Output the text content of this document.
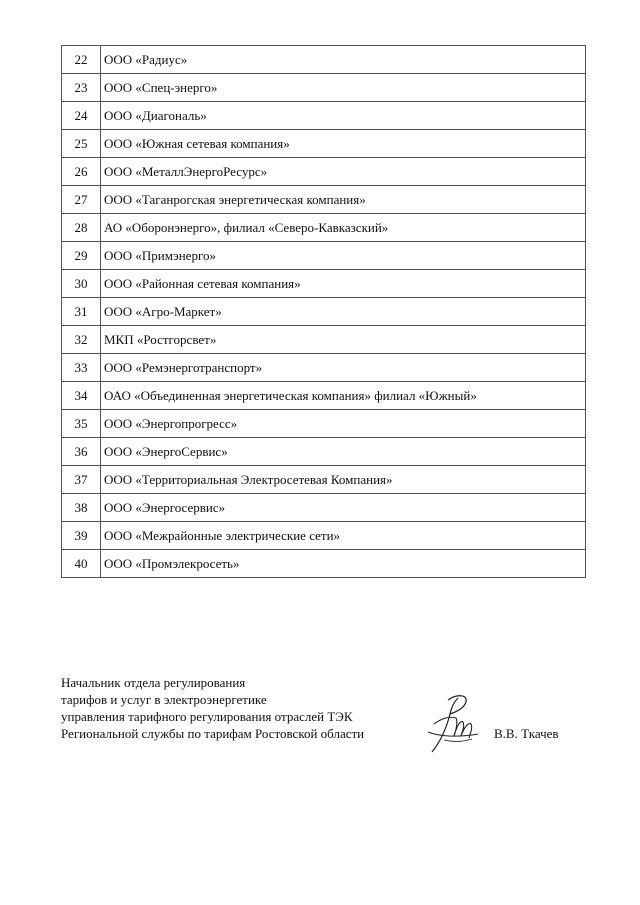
22	ООО «Радиус»
23	ООО «Спец-энерго»
24	ООО «Диагональ»
25	ООО «Южная сетевая компания»
26	ООО «МеталлЭнергоРесурс»
27	ООО «Таганрогская энергетическая компания»
28	АО «Оборонэнерго», филиал «Северо-Кавказский»
29	ООО «Примэнерго»
30	ООО «Районная сетевая компания»
31	ООО «Агро-Маркет»
32	МКП «Ростгорсвет»
33	ООО «Ремэнерготранспорт»
34	ОАО «Объединенная энергетическая компания» филиал «Южный»
35	ООО «Энергопрогресс»
36	ООО «ЭнергоСервис»
37	ООО «Территориальная Электросетевая Компания»
38	ООО «Энергосервис»
39	ООО «Межрайонные электрические сети»
40	ООО «Промэлекросеть»
Начальник отдела регулирования
тарифов и услуг в электроэнергетике
управления тарифного регулирования отраслей ТЭК
Региональной службы по тарифам Ростовской области	В.В. Ткачев
